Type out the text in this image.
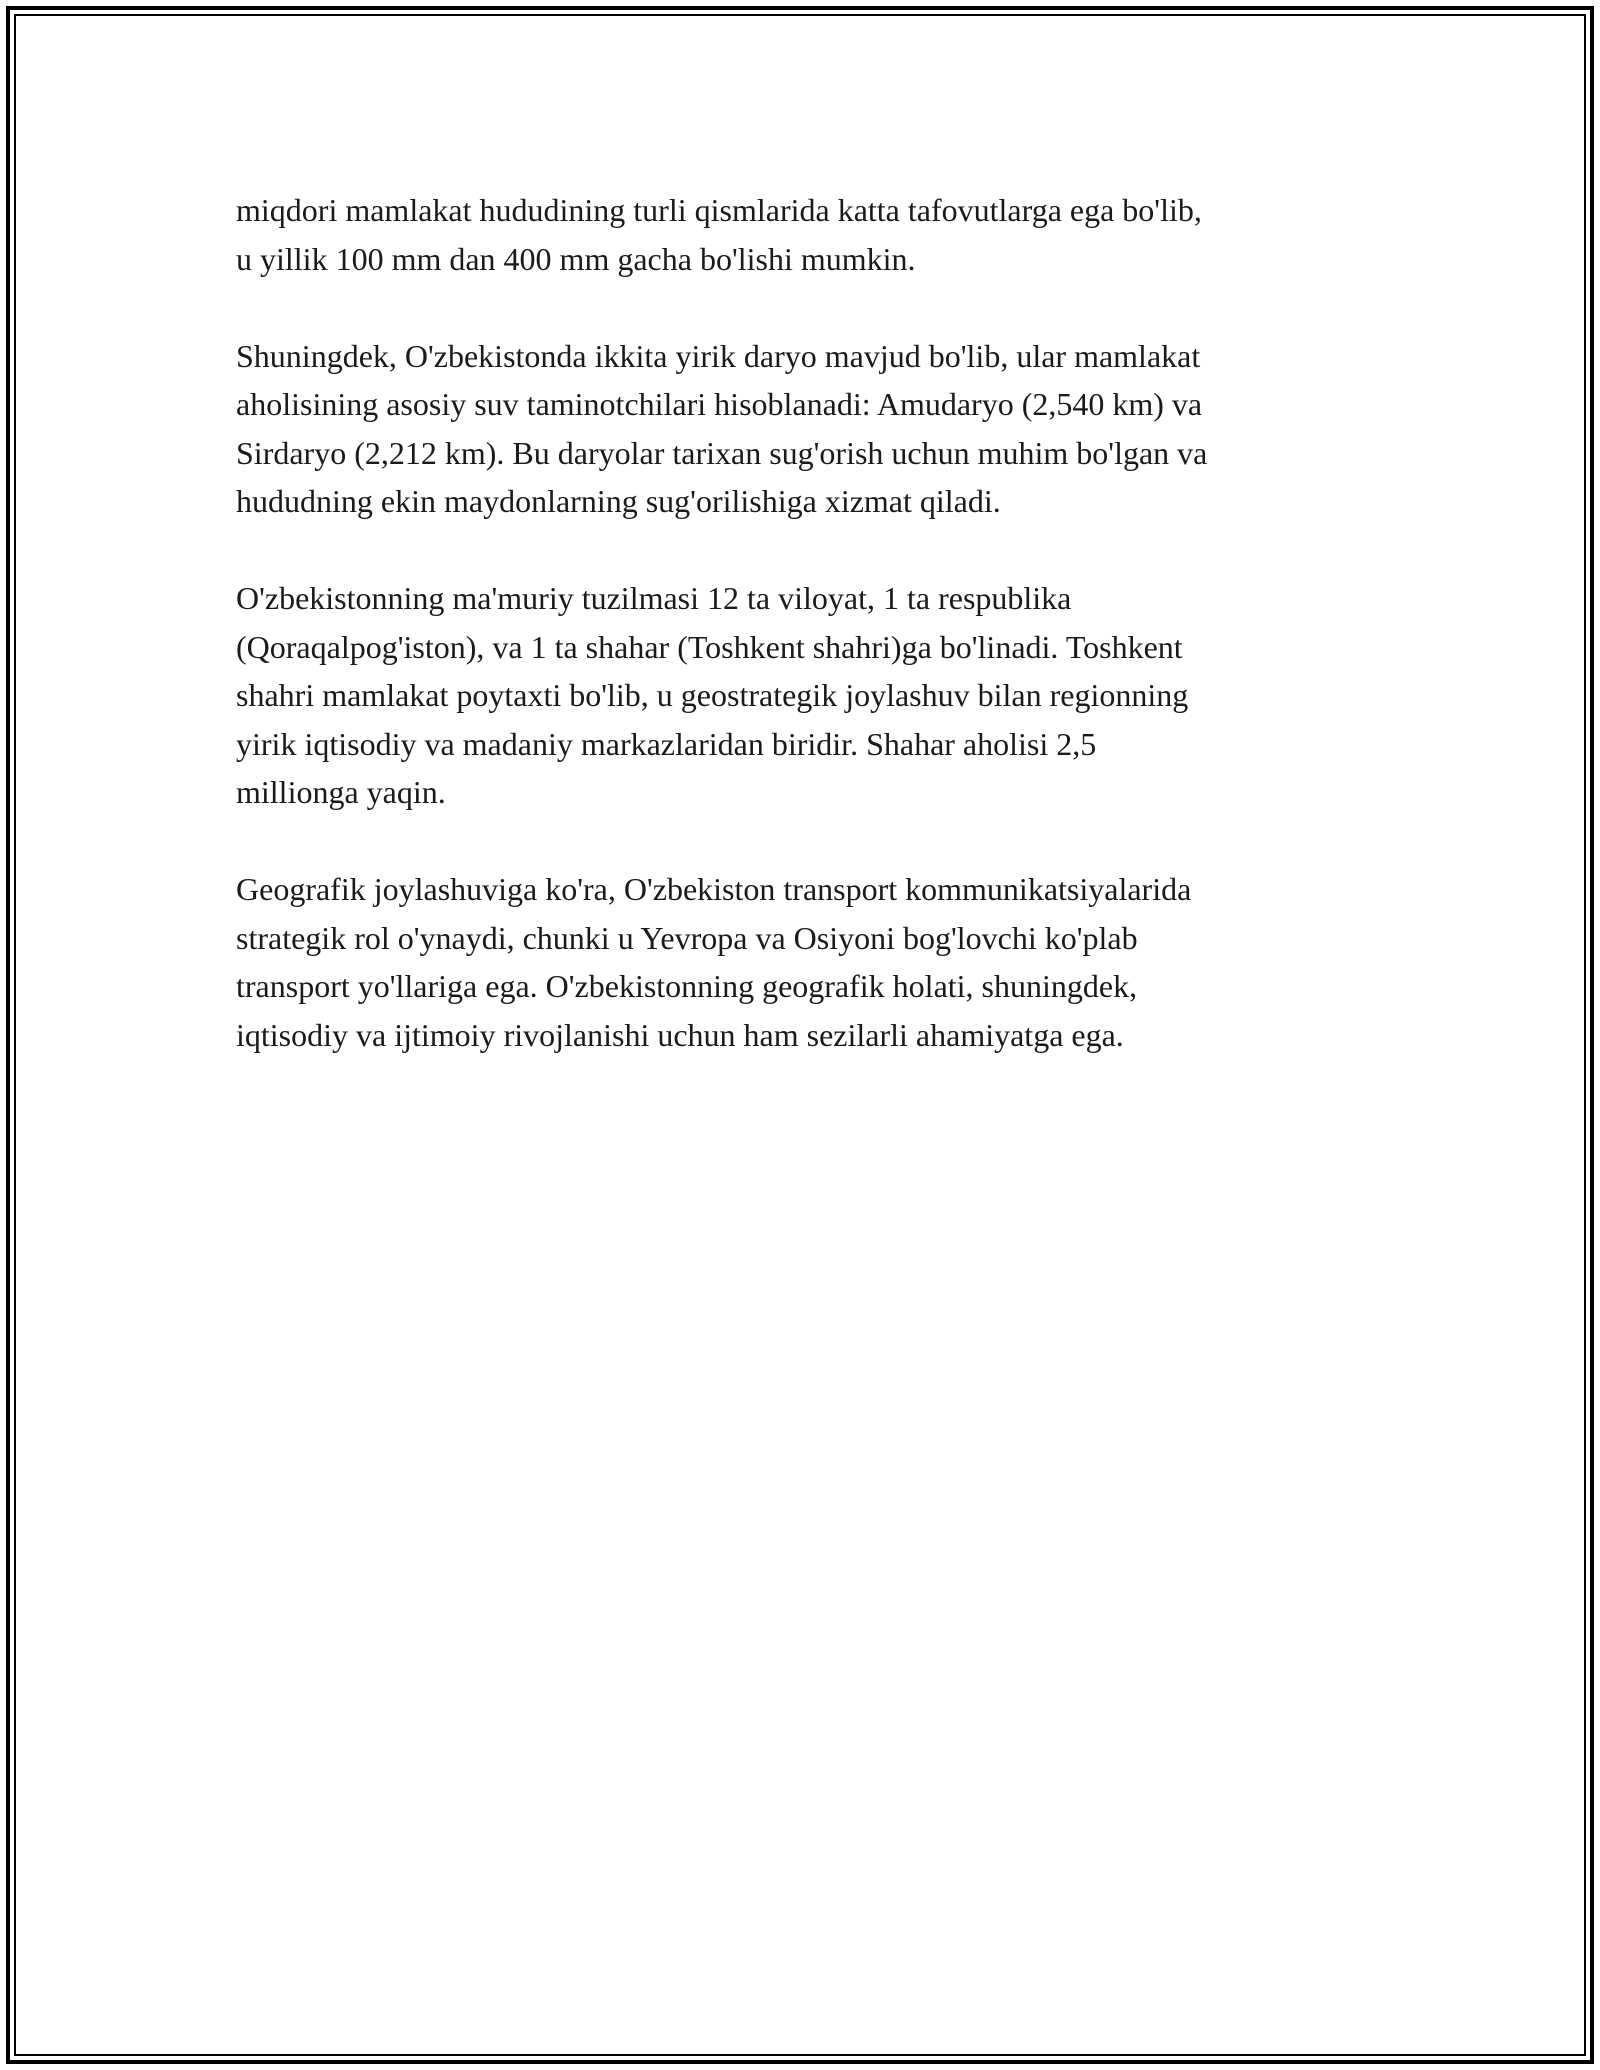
miqdori mamlakat hududining turli qismlarida katta tafovutlarga ega bo'lib,
u yillik 100 mm dan 400 mm gacha bo'lishi mumkin.

Shuningdek, O'zbekistonda ikkita yirik daryo mavjud bo'lib, ular mamlakat
aholisining asosiy suv taminotchilari hisoblanadi: Amudaryo (2,540 km) va
Sirdaryo (2,212 km). Bu daryolar tarixan sug'orish uchun muhim bo'lgan va
hududning ekin maydonlarning sug'orilishiga xizmat qiladi.

O'zbekistonning ma'muriy tuzilmasi 12 ta viloyat, 1 ta respublika
(Qoraqalpog'iston), va 1 ta shahar (Toshkent shahri)ga bo'linadi. Toshkent
shahri mamlakat poytaxti bo'lib, u geostrategik joylashuv bilan regionning
yirik iqtisodiy va madaniy markazlaridan biridir. Shahar aholisi 2,5
millionga yaqin.

Geografik joylashuviga ko'ra, O'zbekiston transport kommunikatsiyalarida
strategik rol o'ynaydi, chunki u Yevropa va Osiyoni bog'lovchi ko'plab
transport yo'llariga ega. O'zbekistonning geografik holati, shuningdek,
iqtisodiy va ijtimoiy rivojlanishi uchun ham sezilarli ahamiyatga ega.
